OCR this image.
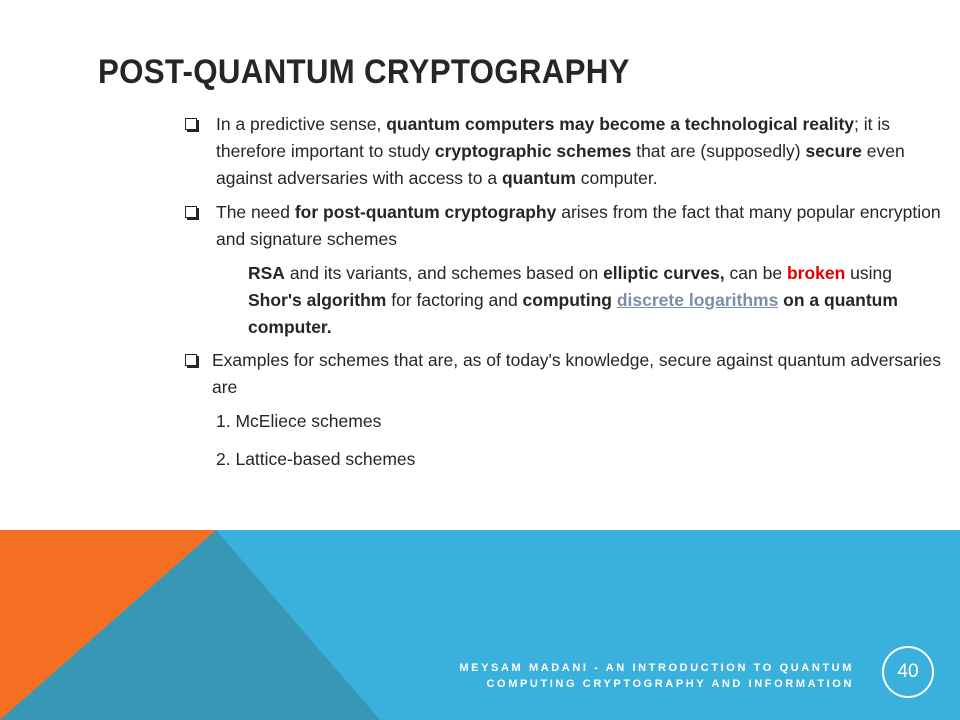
POST-QUANTUM CRYPTOGRAPHY

In a predictive sense, quantum computers may become a technological reality; it is therefore important to study cryptographic schemes that are (supposedly) secure even against adversaries with access to a quantum computer.

The need for post-quantum cryptography arises from the fact that many popular encryption and signature schemes

RSA and its variants, and schemes based on elliptic curves, can be broken using Shor's algorithm for factoring and computing discrete logarithms on a quantum computer.

Examples for schemes that are, as of today's knowledge, secure against quantum adversaries are

1. McEliece schemes

2. Lattice-based schemes

MEYSAM MADANI - AN INTRODUCTION TO QUANTUM
COMPUTING CRYPTOGRAPHY AND INFORMATION
40
